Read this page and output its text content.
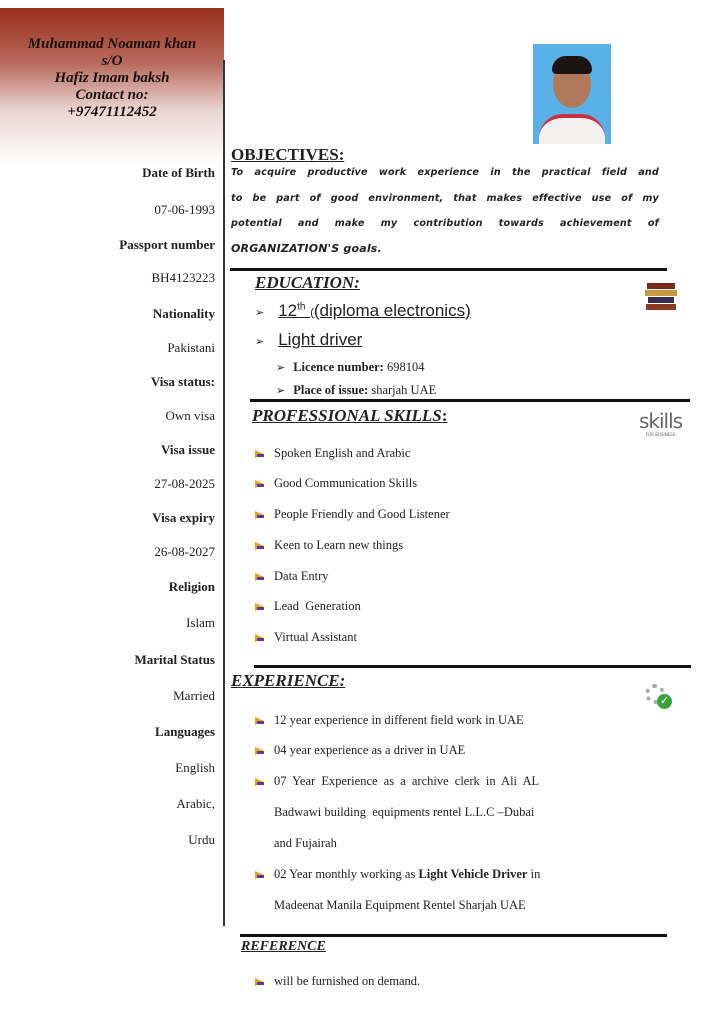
Muhammad Noaman khan
s/O
Hafiz Imam baksh
Contact no:
+97471112452
Date of Birth
07-06-1993
Passport number
BH4123223
Nationality
Pakistani
Visa status:
Own visa
Visa issue
27-08-2025
Visa expiry
26-08-2027
Religion
Islam
Marital Status
Married
Languages
English
Arabic,
Urdu
OBJECTIVES:
To acquire productive work experience in the practical field and
to be part of good environment, that makes effective use of my
potential and make my contribution towards achievement of
ORGANIZATION'S goals.
EDUCATION:
➢ 12th ((diploma electronics)
➢ Light driver
➢ Licence number: 698104
➢ Place of issue: sharjah UAE
PROFESSIONAL SKILLS:	skills
FOR BUSINESS
Spoken English and Arabic
Good Communication Skills
People Friendly and Good Listener
Keen to Learn new things
Data Entry
Lead  Generation
Virtual Assistant
EXPERIENCE:
✓
12 year experience in different field work in UAE
04 year experience as a driver in UAE
07 Year Experience as a archive clerk in Ali AL
Badwawi building  equipments rentel L.L.C –Dubai
and Fujairah
02 Year monthly working as Light Vehicle Driver in
Madeenat Manila Equipment Rentel Sharjah UAE
REFERENCE
will be furnished on demand.
